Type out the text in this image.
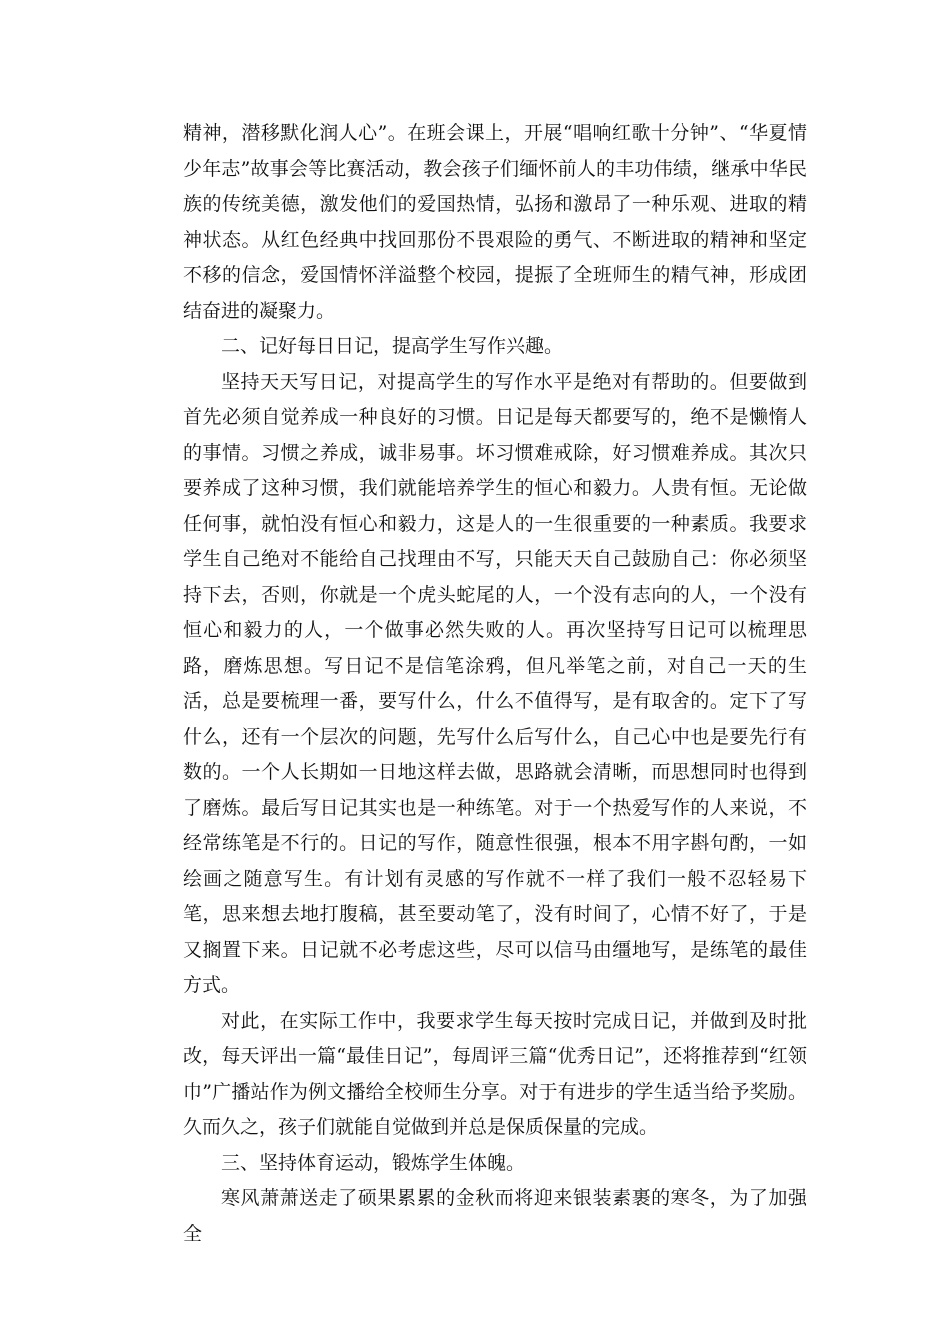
精神，潜移默化润人心”。在班会课上，开展“唱响红歌十分钟”、“华夏情少年志”故事会等比赛活动，教会孩子们缅怀前人的丰功伟绩，继承中华民族的传统美德，激发他们的爱国热情，弘扬和激昂了一种乐观、进取的精神状态。从红色经典中找回那份不畏艰险的勇气、不断进取的精神和坚定不移的信念，爱国情怀洋溢整个校园，提振了全班师生的精气神，形成团结奋进的凝聚力。

二、记好每日日记，提高学生写作兴趣。

坚持天天写日记，对提高学生的写作水平是绝对有帮助的。但要做到首先必须自觉养成一种良好的习惯。日记是每天都要写的，绝不是懒惰人的事情。习惯之养成，诚非易事。坏习惯难戒除，好习惯难养成。其次只要养成了这种习惯，我们就能培养学生的恒心和毅力。人贵有恒。无论做任何事，就怕没有恒心和毅力，这是人的一生很重要的一种素质。我要求学生自己绝对不能给自己找理由不写，只能天天自己鼓励自己：你必须坚持下去，否则，你就是一个虎头蛇尾的人，一个没有志向的人，一个没有恒心和毅力的人，一个做事必然失败的人。再次坚持写日记可以梳理思路，磨炼思想。写日记不是信笔涂鸦，但凡举笔之前，对自己一天的生活，总是要梳理一番，要写什么，什么不值得写，是有取舍的。定下了写什么，还有一个层次的问题，先写什么后写什么，自己心中也是要先行有数的。一个人长期如一日地这样去做，思路就会清晰，而思想同时也得到了磨炼。最后写日记其实也是一种练笔。对于一个热爱写作的人来说，不经常练笔是不行的。日记的写作，随意性很强，根本不用字斟句酌，一如绘画之随意写生。有计划有灵感的写作就不一样了我们一般不忍轻易下笔，思来想去地打腹稿，甚至要动笔了，没有时间了，心情不好了，于是又搁置下来。日记就不必考虑这些，尽可以信马由缰地写，是练笔的最佳方式。

对此，在实际工作中，我要求学生每天按时完成日记，并做到及时批改，每天评出一篇“最佳日记”，每周评三篇“优秀日记”，还将推荐到“红领巾”广播站作为例文播给全校师生分享。对于有进步的学生适当给予奖励。久而久之，孩子们就能自觉做到并总是保质保量的完成。

三、坚持体育运动，锻炼学生体魄。

寒风萧萧送走了硕果累累的金秋而将迎来银装素裹的寒冬，为了加强全
